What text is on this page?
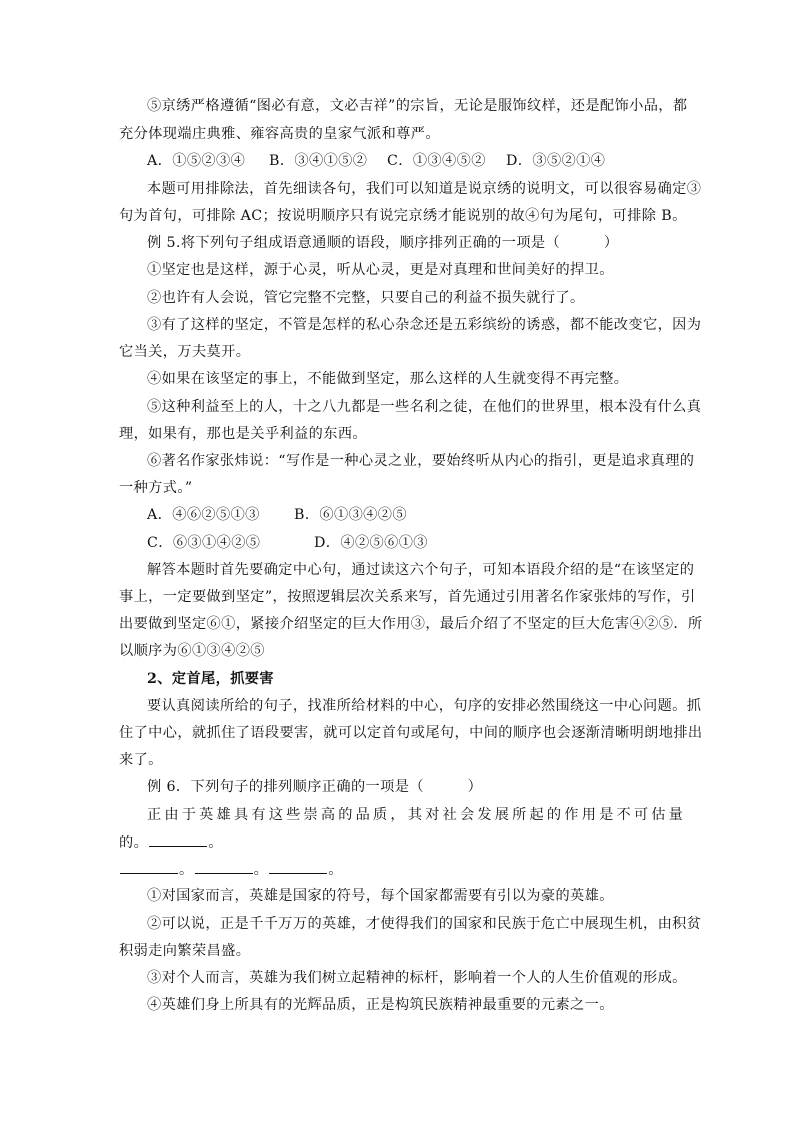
⑤京绣严格遵循“图必有意，文必吉祥”的宗旨，无论是服饰纹样，还是配饰小品，都
充分体现端庄典雅、雍容高贵的皇家气派和尊严。
A．①⑤②③④	B．③④①⑤②	C．①③④⑤②	D．③⑤②①④
本题可用排除法，首先细读各句，我们可以知道是说京绣的说明文，可以很容易确定③
句为首句，可排除 AC；按说明顺序只有说完京绣才能说别的故④句为尾句，可排除 B。
例 5.将下列句子组成语意通顺的语段，顺序排列正确的一项是（　　　）
①坚定也是这样，源于心灵，听从心灵，更是对真理和世间美好的捍卫。
②也许有人会说，管它完整不完整，只要自己的利益不损失就行了。
③有了这样的坚定，不管是怎样的私心杂念还是五彩缤纷的诱惑，都不能改变它，因为
它当关，万夫莫开。
④如果在该坚定的事上，不能做到坚定，那么这样的人生就变得不再完整。
⑤这种利益至上的人，十之八九都是一些名利之徒，在他们的世界里，根本没有什么真
理，如果有，那也是关乎利益的东西。
⑥著名作家张炜说：“写作是一种心灵之业，要始终听从内心的指引，更是追求真理的
一种方式。”
A．④⑥②⑤①③	B．⑥①③④②⑤
C．⑥③①④②⑤	D．④②⑤⑥①③
解答本题时首先要确定中心句，通过读这六个句子，可知本语段介绍的是“在该坚定的
事上，一定要做到坚定”，按照逻辑层次关系来写，首先通过引用著名作家张炜的写作，引
出要做到坚定⑥①，紧接介绍坚定的巨大作用③，最后介绍了不坚定的巨大危害④②⑤．所
以顺序为⑥①③④②⑤
2、定首尾，抓要害
要认真阅读所给的句子，找准所给材料的中心，句序的安排必然围绕这一中心问题。抓
住了中心，就抓住了语段要害，就可以定首句或尾句，中间的顺序也会逐渐清晰明朗地排出
来了。
例 6．下列句子的排列顺序正确的一项是（　　　）
正由于英雄具有这些崇高的品质，其对社会发展所起的作用是不可估量
的。	。
。	。	。
①对国家而言，英雄是国家的符号，每个国家都需要有引以为豪的英雄。
②可以说，正是千千万万的英雄，才使得我们的国家和民族于危亡中展现生机，由积贫
积弱走向繁荣昌盛。
③对个人而言，英雄为我们树立起精神的标杆，影响着一个人的人生价值观的形成。
④英雄们身上所具有的光辉品质，正是构筑民族精神最重要的元素之一。
